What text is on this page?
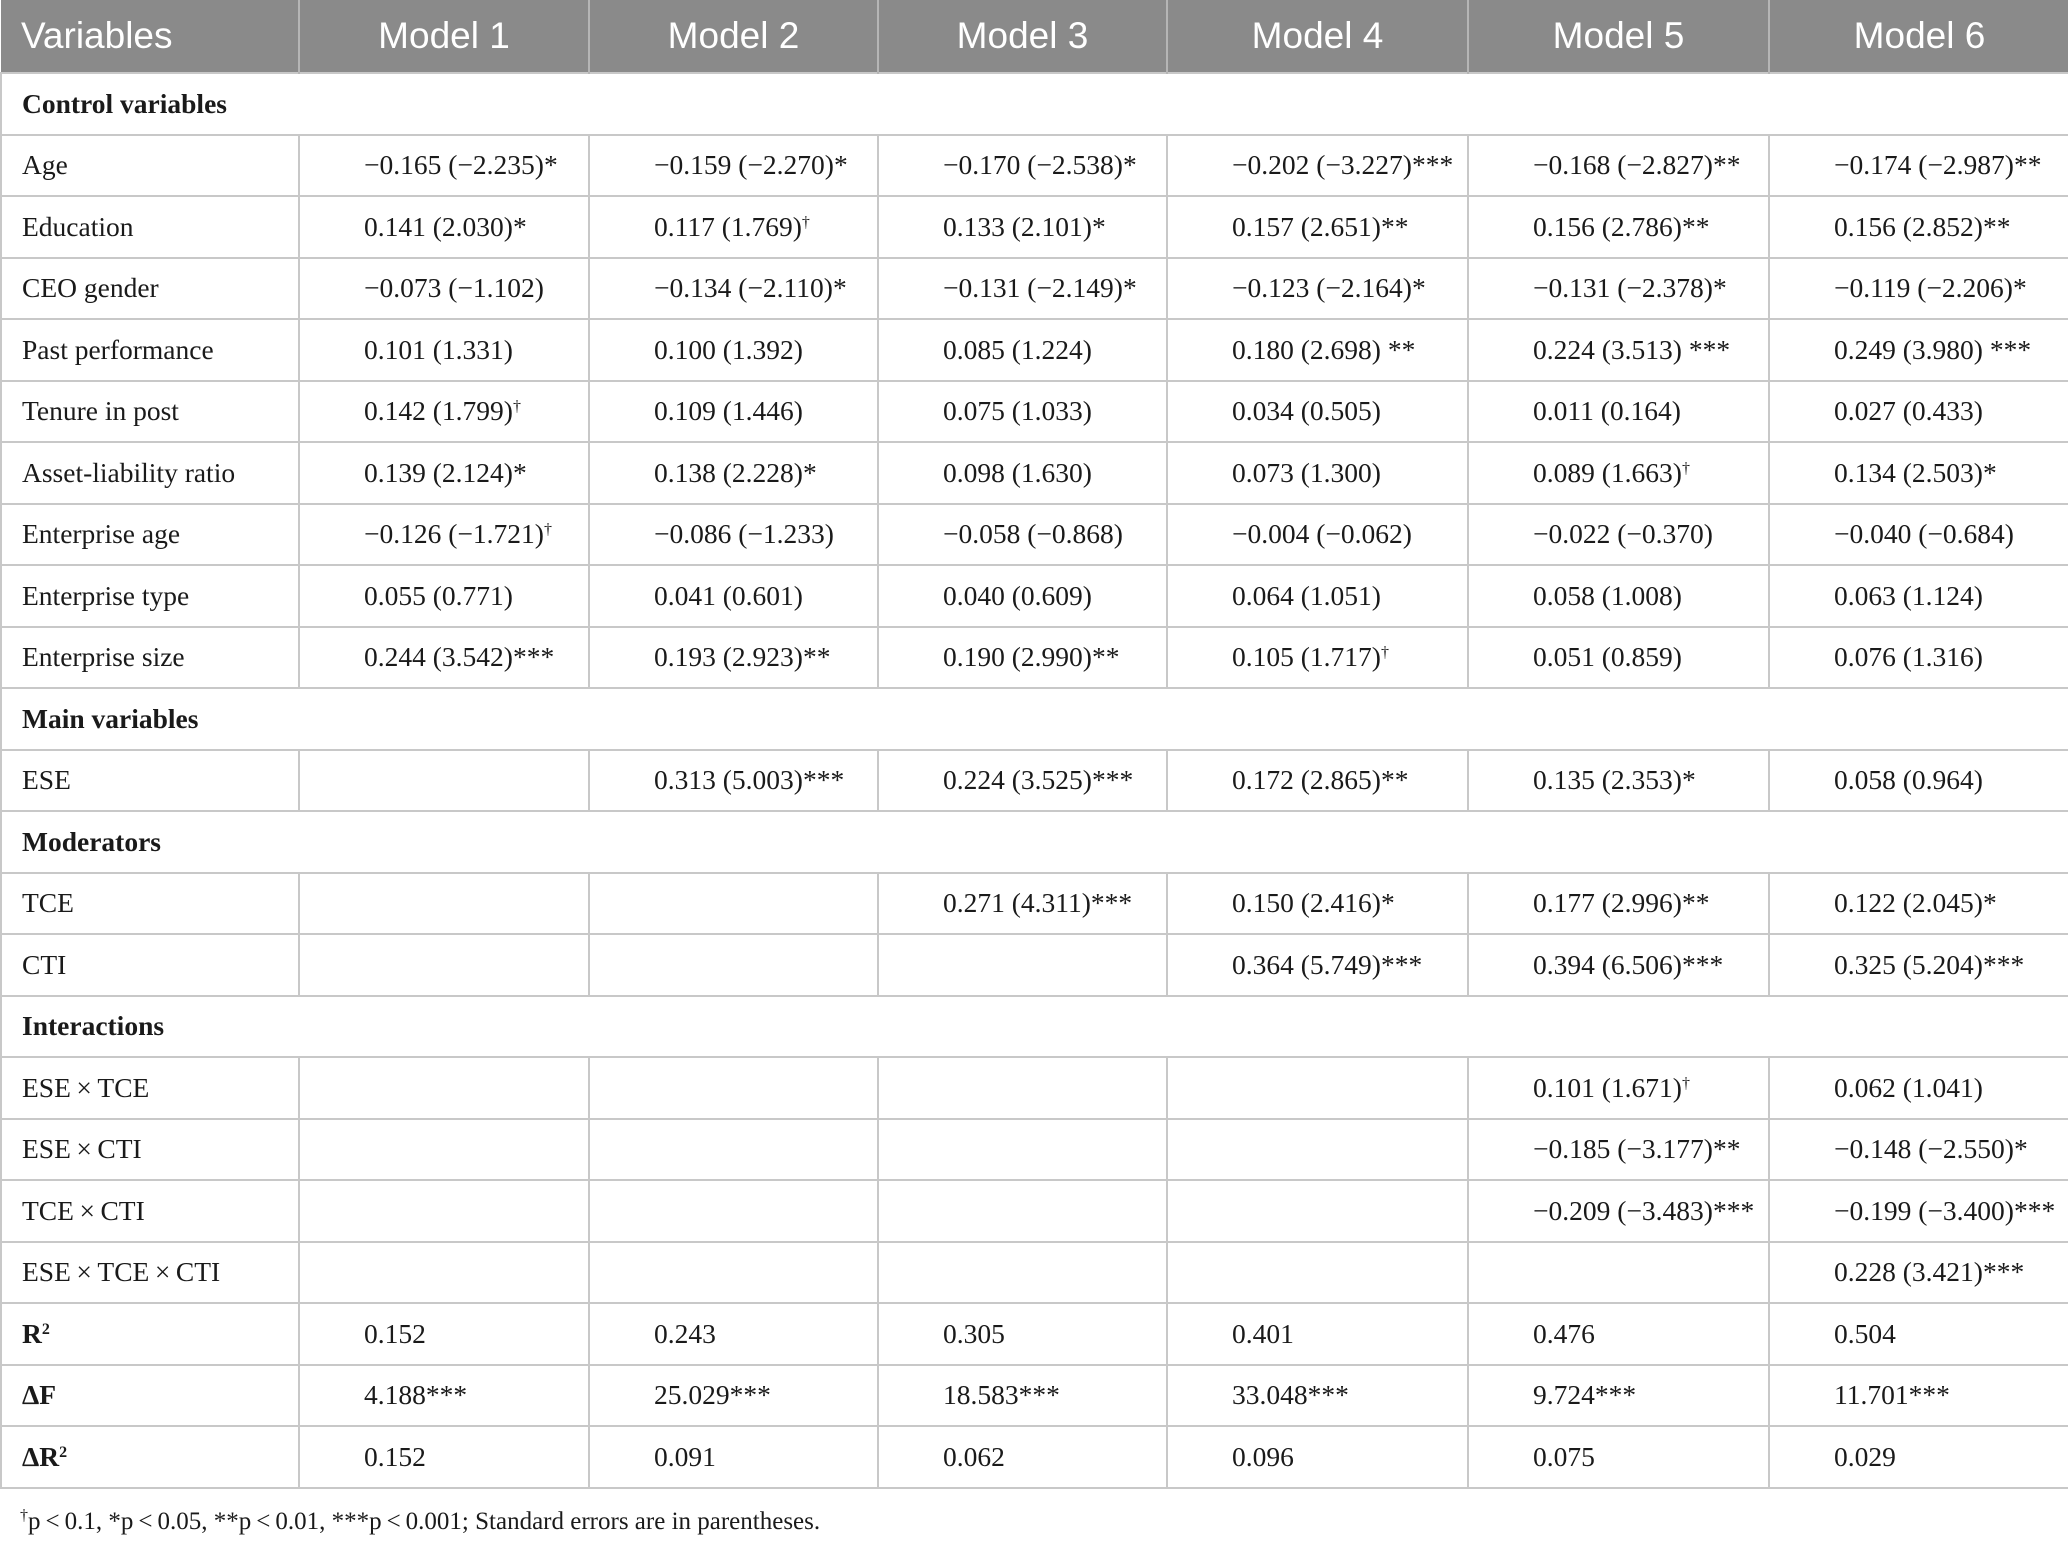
Variables	Model 1	Model 2	Model 3	Model 4	Model 5	Model 6
Control variables						
Age	−0.165 (−2.235)*	−0.159 (−2.270)*	−0.170 (−2.538)*	−0.202 (−3.227)***	−0.168 (−2.827)**	−0.174 (−2.987)**
Education	0.141 (2.030)*	0.117 (1.769)†	0.133 (2.101)*	0.157 (2.651)**	0.156 (2.786)**	0.156 (2.852)**
CEO gender	−0.073 (−1.102)	−0.134 (−2.110)*	−0.131 (−2.149)*	−0.123 (−2.164)*	−0.131 (−2.378)*	−0.119 (−2.206)*
Past performance	0.101 (1.331)	0.100 (1.392)	0.085 (1.224)	0.180 (2.698) **	0.224 (3.513) ***	0.249 (3.980) ***
Tenure in post	0.142 (1.799)†	0.109 (1.446)	0.075 (1.033)	0.034 (0.505)	0.011 (0.164)	0.027 (0.433)
Asset-liability ratio	0.139 (2.124)*	0.138 (2.228)*	0.098 (1.630)	0.073 (1.300)	0.089 (1.663)†	0.134 (2.503)*
Enterprise age	−0.126 (−1.721)†	−0.086 (−1.233)	−0.058 (−0.868)	−0.004 (−0.062)	−0.022 (−0.370)	−0.040 (−0.684)
Enterprise type	0.055 (0.771)	0.041 (0.601)	0.040 (0.609)	0.064 (1.051)	0.058 (1.008)	0.063 (1.124)
Enterprise size	0.244 (3.542)***	0.193 (2.923)**	0.190 (2.990)**	0.105 (1.717)†	0.051 (0.859)	0.076 (1.316)
Main variables						
ESE		0.313 (5.003)***	0.224 (3.525)***	0.172 (2.865)**	0.135 (2.353)*	0.058 (0.964)
Moderators						
TCE			0.271 (4.311)***	0.150 (2.416)*	0.177 (2.996)**	0.122 (2.045)*
CTI				0.364 (5.749)***	0.394 (6.506)***	0.325 (5.204)***
Interactions						
ESE × TCE					0.101 (1.671)†	0.062 (1.041)
ESE × CTI					−0.185 (−3.177)**	−0.148 (−2.550)*
TCE × CTI					−0.209 (−3.483)***	−0.199 (−3.400)***
ESE × TCE × CTI						0.228 (3.421)***
$R^2$	0.152	0.243	0.305	0.401	0.476	0.504
ΔF	4.188***	25.029***	18.583***	33.048***	9.724***	11.701***
$\Delta R^2$	0.152	0.091	0.062	0.096	0.075	0.029
†p < 0.1, *p < 0.05, **p < 0.01, ***p < 0.001; Standard errors are in parentheses.
